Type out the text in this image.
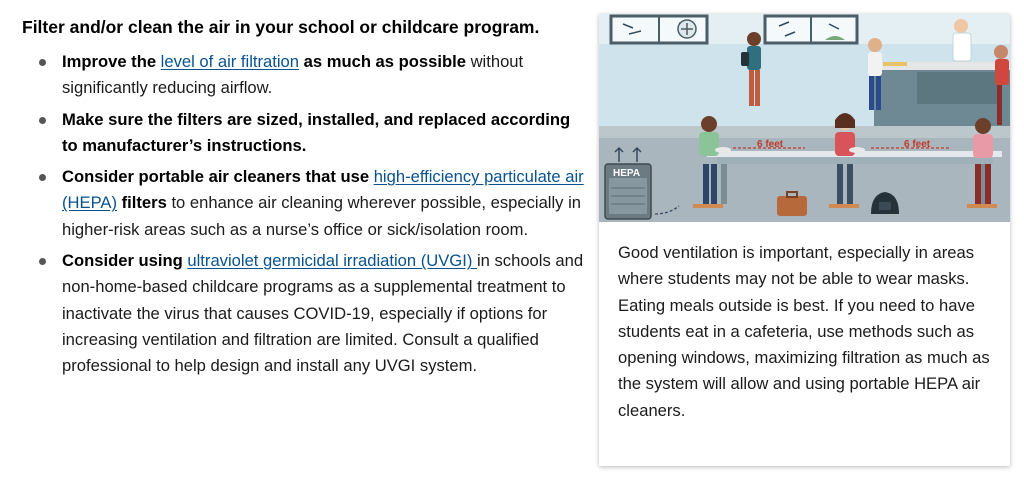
Filter and/or clean the air in your school or childcare program.

Improve the level of air filtration as much as possible without significantly reducing airflow.
Make sure the filters are sized, installed, and replaced according to manufacturer’s instructions.
Consider portable air cleaners that use high-efficiency particulate air (HEPA) filters to enhance air cleaning wherever possible, especially in higher-risk areas such as a nurse’s office or sick/isolation room.
Consider using ultraviolet germicidal irradiation (UVGI) in schools and non-home-based childcare programs as a supplemental treatment to inactivate the virus that causes COVID-19, especially if options for increasing ventilation and filtration are limited. Consult a qualified professional to help design and install any UVGI system.
6 feet	6 feet
HEPA

Good ventilation is important, especially in areas where students may not be able to wear masks. Eating meals outside is best. If you need to have students eat in a cafeteria, use methods such as opening windows, maximizing filtration as much as the system will allow and using portable HEPA air cleaners.
